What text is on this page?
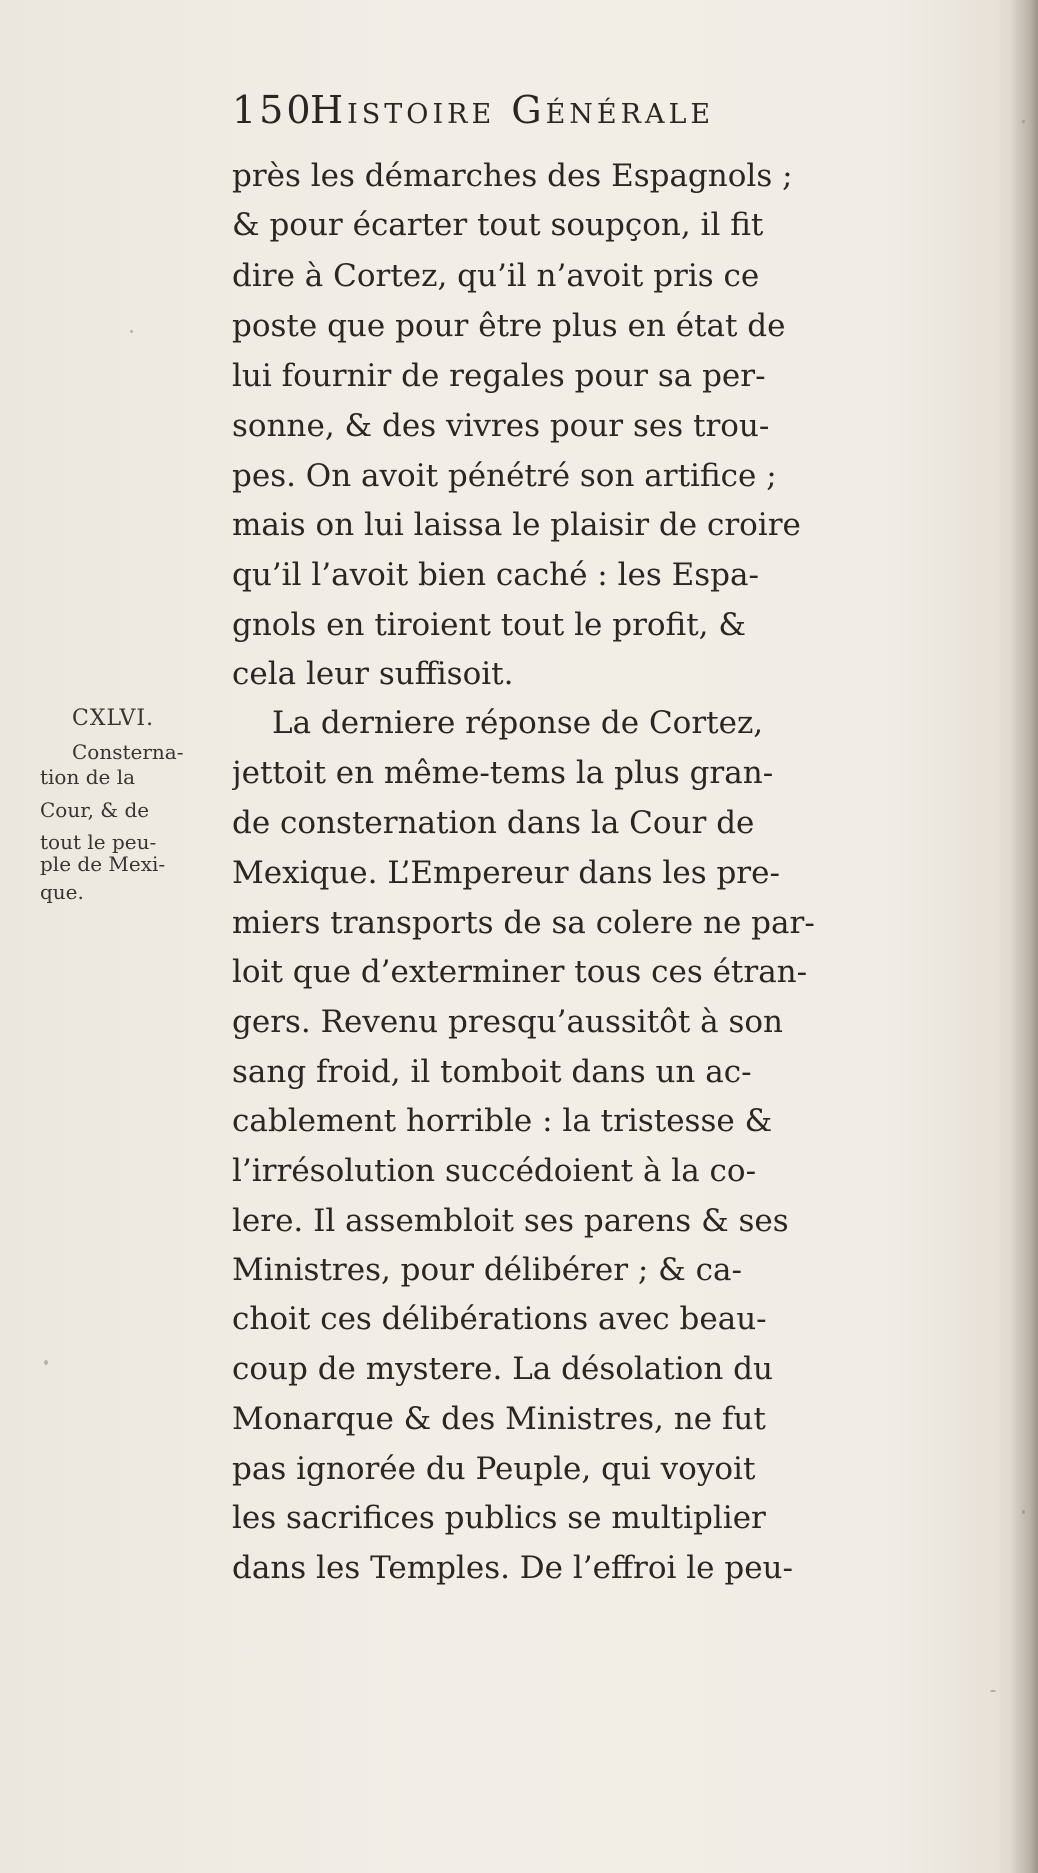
150
Histoire Générale
CXLVI.
Consterna-
tion de la
Cour, & de
tout le peu-
ple de Mexi-
que.
près les démarches des Espagnols ;
& pour écarter tout soupçon, il fit
dire à Cortez, qu’il n’avoit pris ce
poste que pour être plus en état de
lui fournir de regales pour sa per-
sonne, & des vivres pour ses trou-
pes. On avoit pénétré son artifice ;
mais on lui laissa le plaisir de croire
qu’il l’avoit bien caché : les Espa-
gnols en tiroient tout le profit, &
cela leur suffisoit.
La derniere réponse de Cortez,
jettoit en même-tems la plus gran-
de consternation dans la Cour de
Mexique. L’Empereur dans les pre-
miers transports de sa colere ne par-
loit que d’exterminer tous ces étran-
gers. Revenu presqu’aussitôt à son
sang froid, il tomboit dans un ac-
cablement horrible : la tristesse &
l’irrésolution succédoient à la co-
lere. Il assembloit ses parens & ses
Ministres, pour délibérer ; & ca-
choit ces délibérations avec beau-
coup de mystere. La désolation du
Monarque & des Ministres, ne fut
pas ignorée du Peuple, qui voyoit
les sacrifices publics se multiplier
dans les Temples. De l’effroi le peu-
